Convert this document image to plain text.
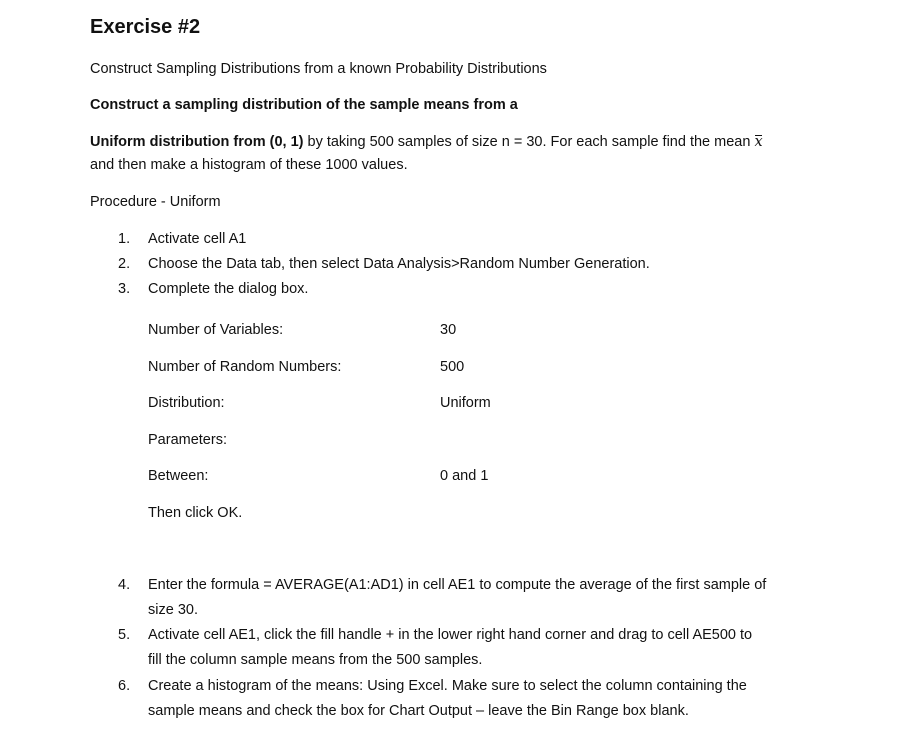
Exercise #2
Construct Sampling Distributions from a known Probability Distributions
Construct a sampling distribution of the sample means from a
Uniform distribution from (0, 1) by taking 500 samples of size n = 30. For each sample find the mean x
and then make a histogram of these 1000 values.
Procedure - Uniform
1. Activate cell A1
2. Choose the Data tab, then select Data Analysis>Random Number Generation.
3. Complete the dialog box.
Number of Variables:	30
Number of Random Numbers:	500
Distribution:	Uniform
Parameters:
Between:	0 and 1
Then click OK.
4. Enter the formula = AVERAGE(A1:AD1) in cell AE1 to compute the average of the first sample of
size 30.
5. Activate cell AE1, click the fill handle + in the lower right hand corner and drag to cell AE500 to
fill the column sample means from the 500 samples.
6. Create a histogram of the means: Using Excel. Make sure to select the column containing the
sample means and check the box for Chart Output – leave the Bin Range box blank.
